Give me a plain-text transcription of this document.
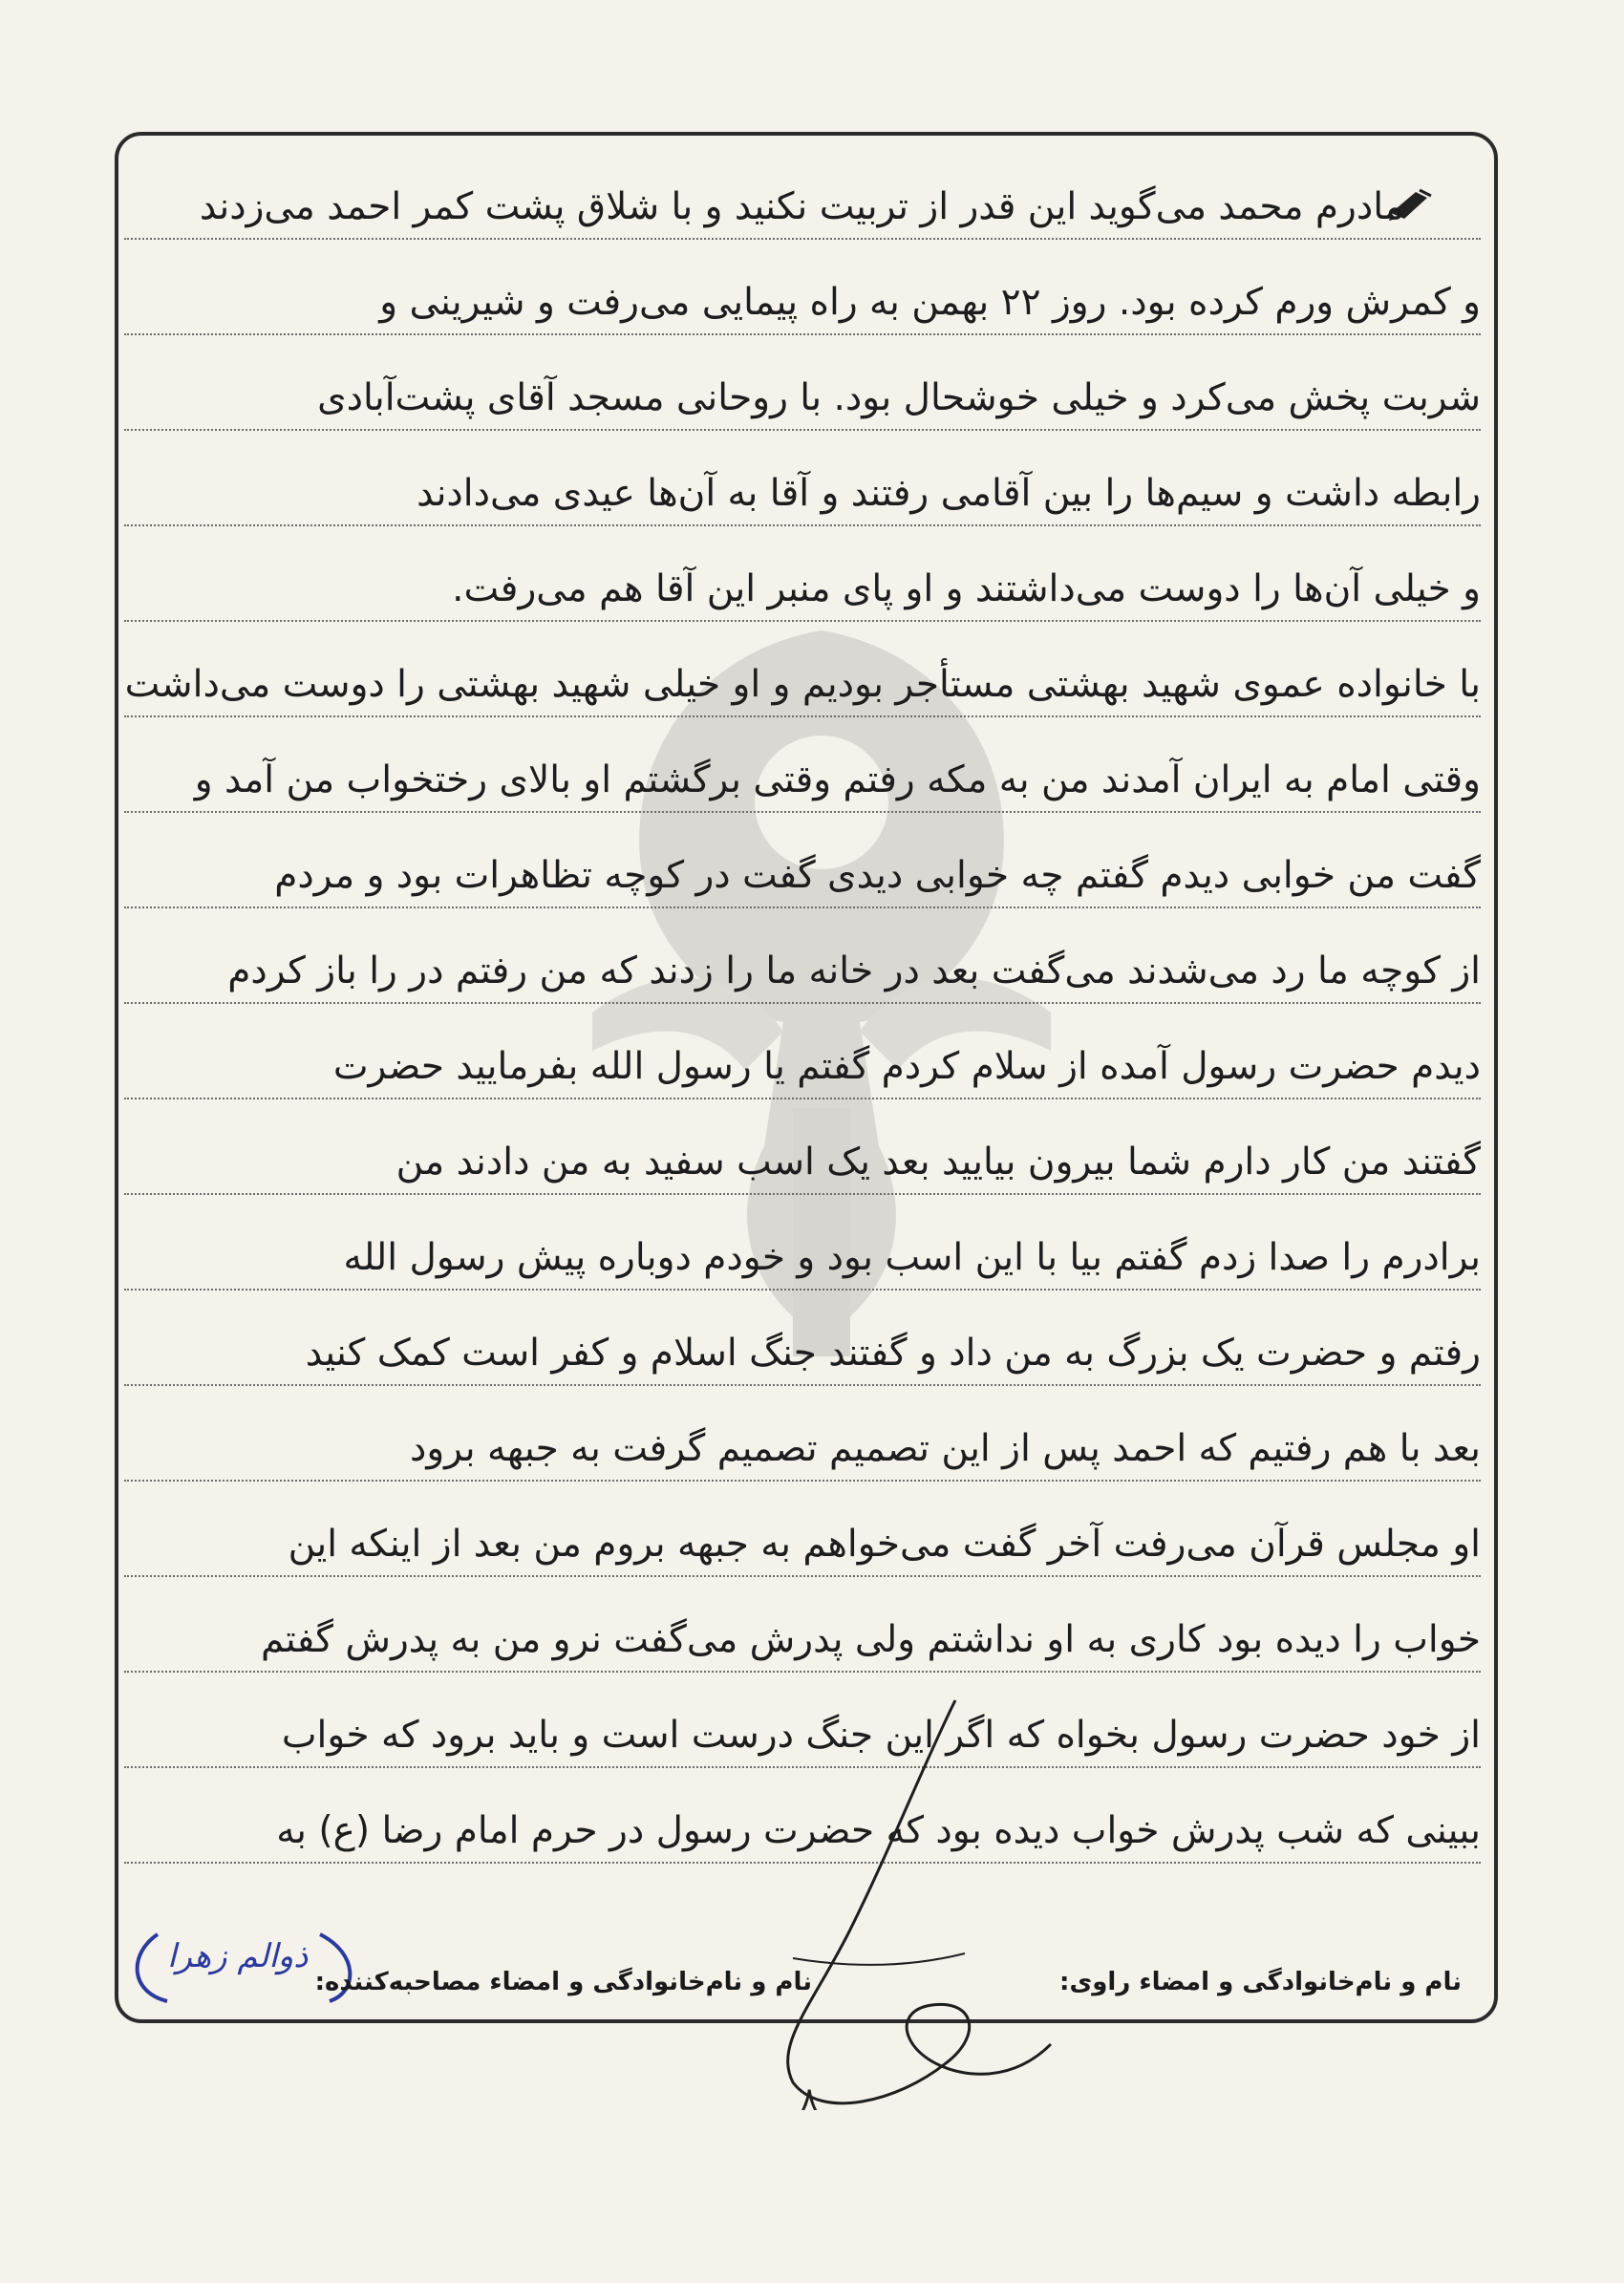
مادرم محمد می‌گوید این قدر از تربیت نکنید و با شلاق پشت کمر احمد می‌زدند
و کمرش ورم کرده بود. روز ۲۲ بهمن به راه پیمایی می‌رفت و شیرینی و
شربت پخش می‌کرد و خیلی خوشحال بود. با روحانی مسجد آقای پشت‌آبادی
رابطه داشت و سیم‌ها را بین آقامی رفتند و آقا به آن‌ها عیدی می‌دادند
و خیلی آن‌ها را دوست می‌داشتند و او پای منبر این آقا هم می‌رفت.
با خانواده عموی شهید بهشتی مستأجر بودیم و او خیلی شهید بهشتی را دوست می‌داشت
وقتی امام به ایران آمدند من به مکه رفتم وقتی برگشتم او بالای رختخواب من آمد و
گفت من خوابی دیدم گفتم چه خوابی دیدی گفت در کوچه تظاهرات بود و مردم
از کوچه ما رد می‌شدند می‌گفت بعد در خانه ما را زدند که من رفتم در را باز کردم
دیدم حضرت رسول آمده از سلام کردم گفتم یا رسول الله بفرمایید حضرت
گفتند من کار دارم شما بیرون بیایید بعد یک اسب سفید به من دادند من
برادرم را صدا زدم گفتم بیا با این اسب بود و خودم دوباره پیش رسول الله
رفتم و حضرت یک بزرگ به من داد و گفتند جنگ اسلام و کفر است کمک کنید
بعد با هم رفتیم که احمد پس از این تصمیم تصمیم گرفت به جبهه برود
او مجلس قرآن می‌رفت آخر گفت می‌خواهم به جبهه بروم من بعد از اینکه این
خواب را دیده بود کاری به او نداشتم ولی پدرش می‌گفت نرو من به پدرش گفتم
از خود حضرت رسول بخواه که اگر این جنگ درست است و باید برود که خواب
ببینی که شب پدرش خواب دیده بود که حضرت رسول در حرم امام رضا (ع) به
ذوالم زهرا
نام و نام‌خانوادگی و امضاء راوی:
نام و نام‌خانوادگی و امضاء مصاحبه‌کننده:
۸
